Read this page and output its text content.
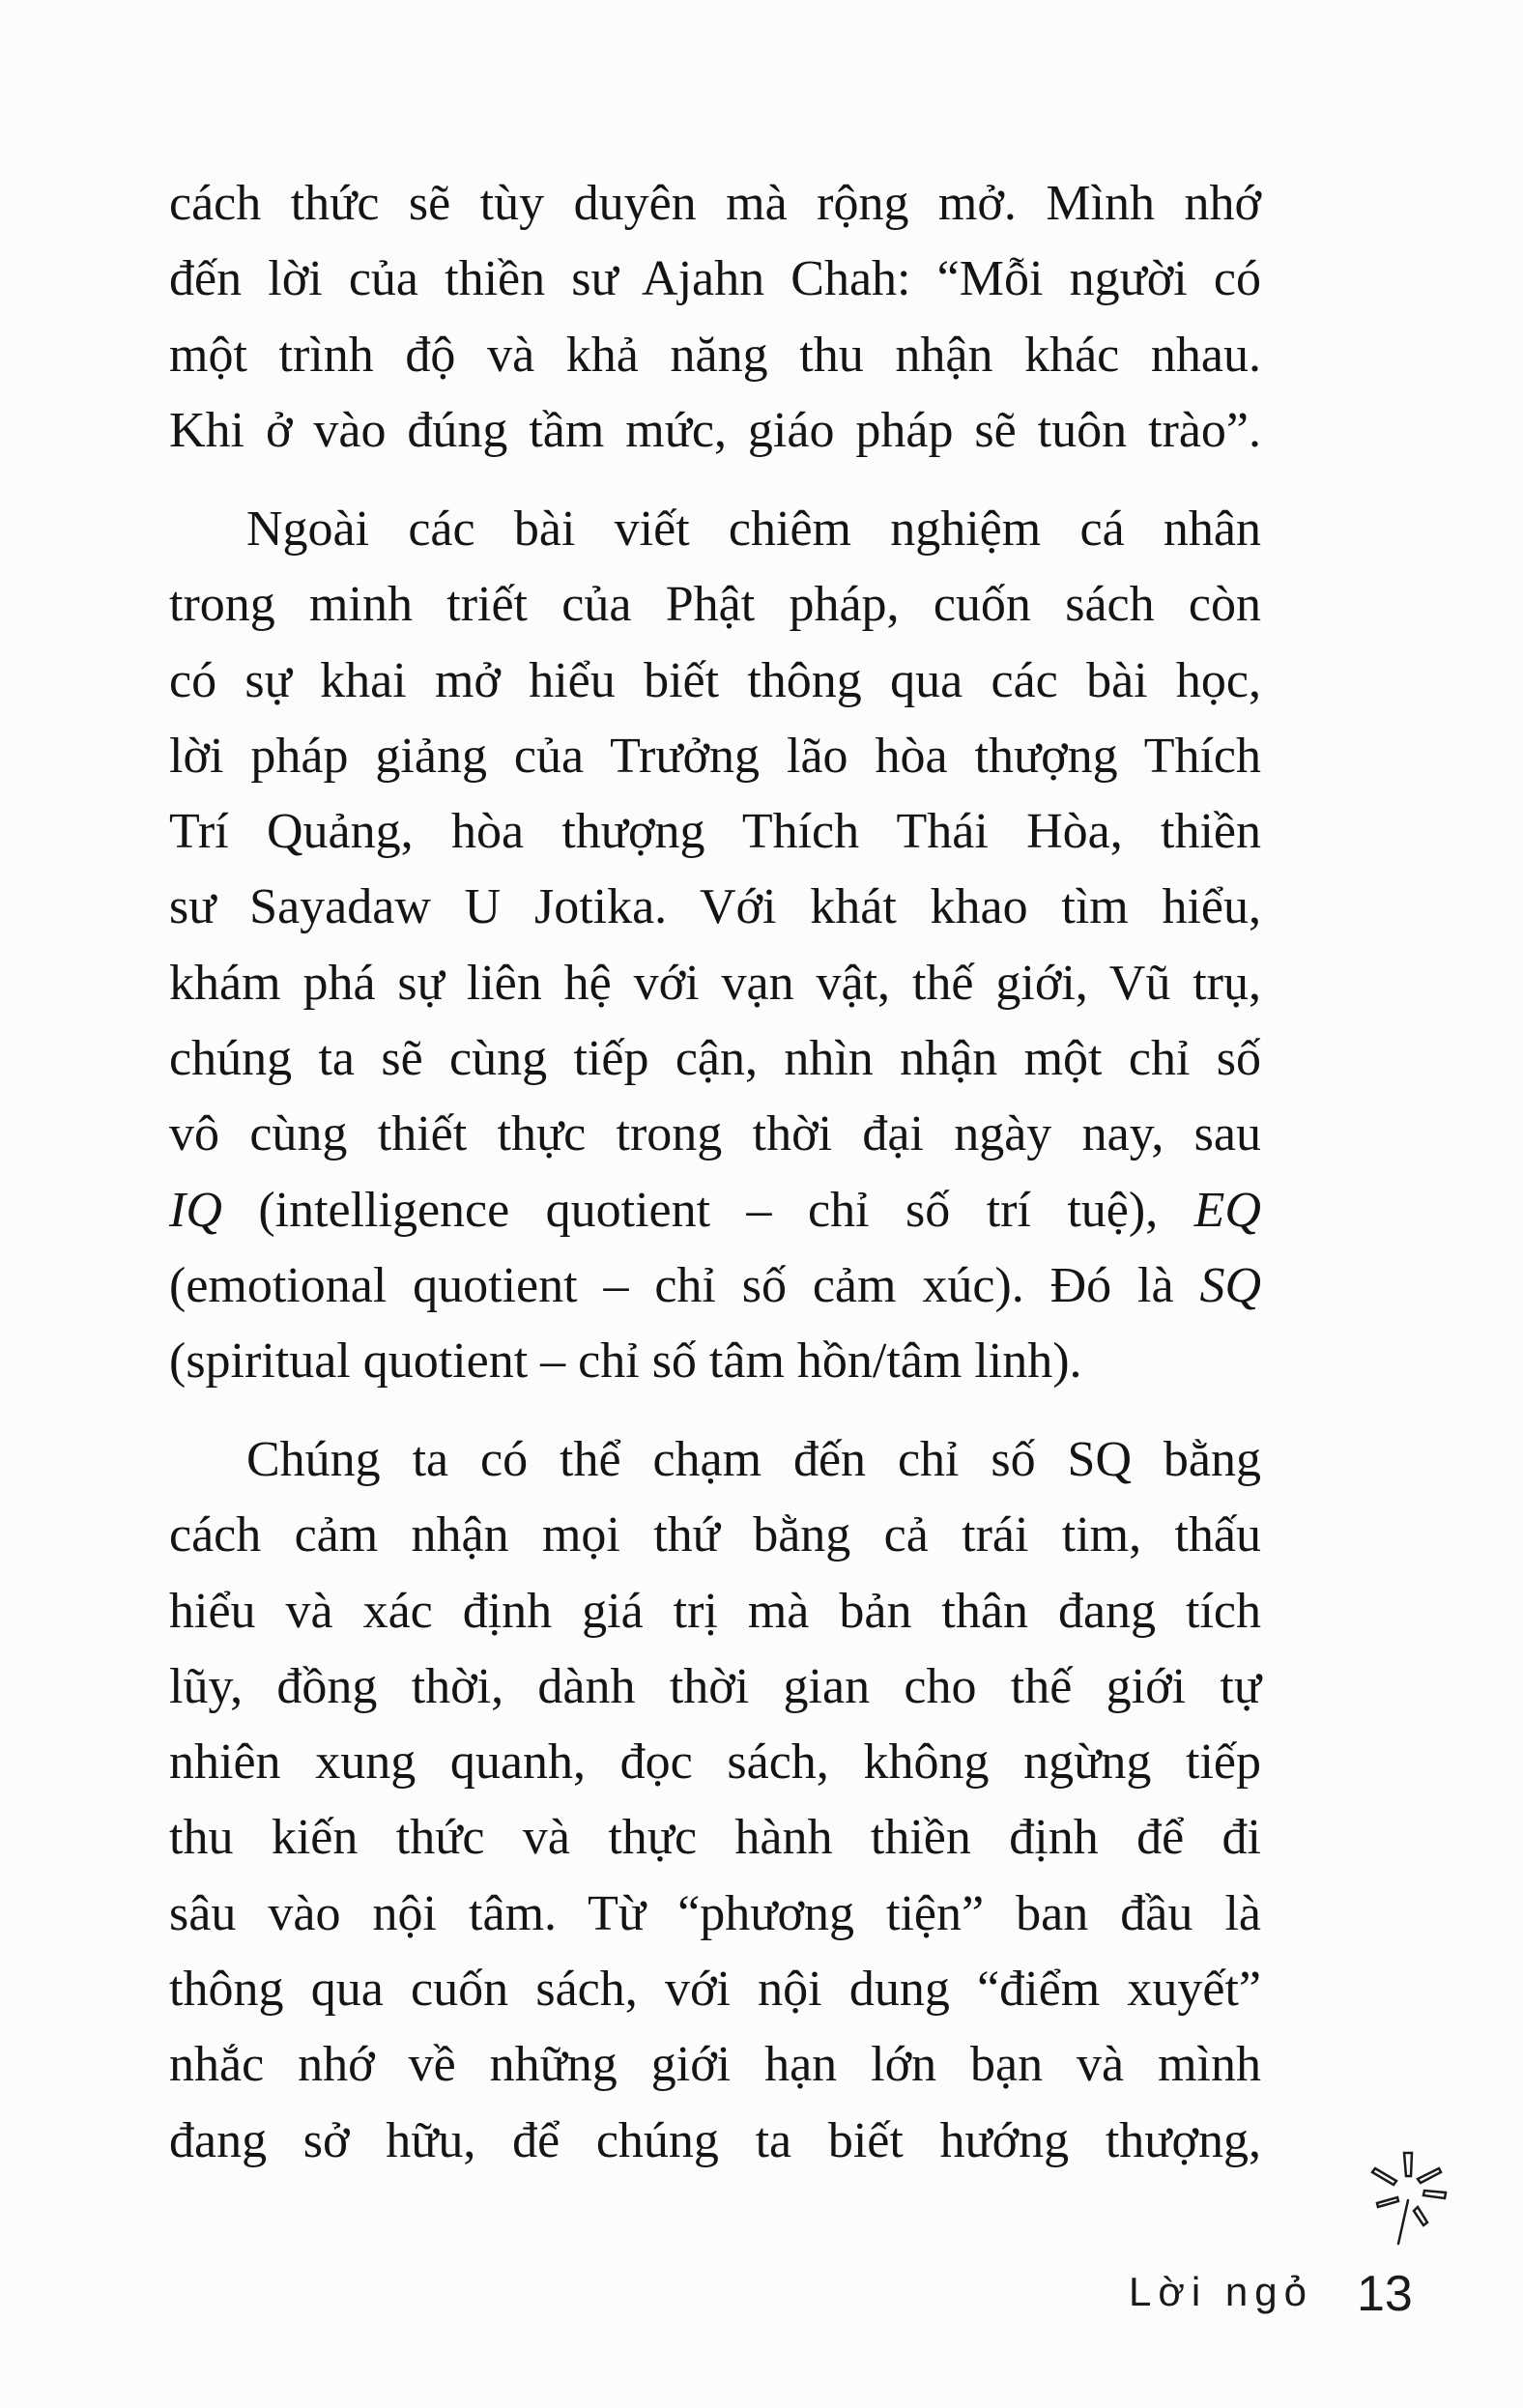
cách thức sẽ tùy duyên mà rộng mở. Mình nhớ
đến lời của thiền sư Ajahn Chah: “Mỗi người có
một trình độ và khả năng thu nhận khác nhau.
Khi ở vào đúng tầm mức, giáo pháp sẽ tuôn trào”.
Ngoài các bài viết chiêm nghiệm cá nhân
trong minh triết của Phật pháp, cuốn sách còn
có sự khai mở hiểu biết thông qua các bài học,
lời pháp giảng của Trưởng lão hòa thượng Thích
Trí Quảng, hòa thượng Thích Thái Hòa, thiền
sư Sayadaw U Jotika. Với khát khao tìm hiểu,
khám phá sự liên hệ với vạn vật, thế giới, Vũ trụ,
chúng ta sẽ cùng tiếp cận, nhìn nhận một chỉ số
vô cùng thiết thực trong thời đại ngày nay, sau
IQ (intelligence quotient – chỉ số trí tuệ), EQ
(emotional quotient – chỉ số cảm xúc). Đó là SQ
(spiritual quotient – chỉ số tâm hồn/tâm linh).
Chúng ta có thể chạm đến chỉ số SQ bằng
cách cảm nhận mọi thứ bằng cả trái tim, thấu
hiểu và xác định giá trị mà bản thân đang tích
lũy, đồng thời, dành thời gian cho thế giới tự
nhiên xung quanh, đọc sách, không ngừng tiếp
thu kiến thức và thực hành thiền định để đi
sâu vào nội tâm. Từ “phương tiện” ban đầu là
thông qua cuốn sách, với nội dung “điểm xuyết”
nhắc nhớ về những giới hạn lớn bạn và mình
đang sở hữu, để chúng ta biết hướng thượng,
Lời ngỏ 13
